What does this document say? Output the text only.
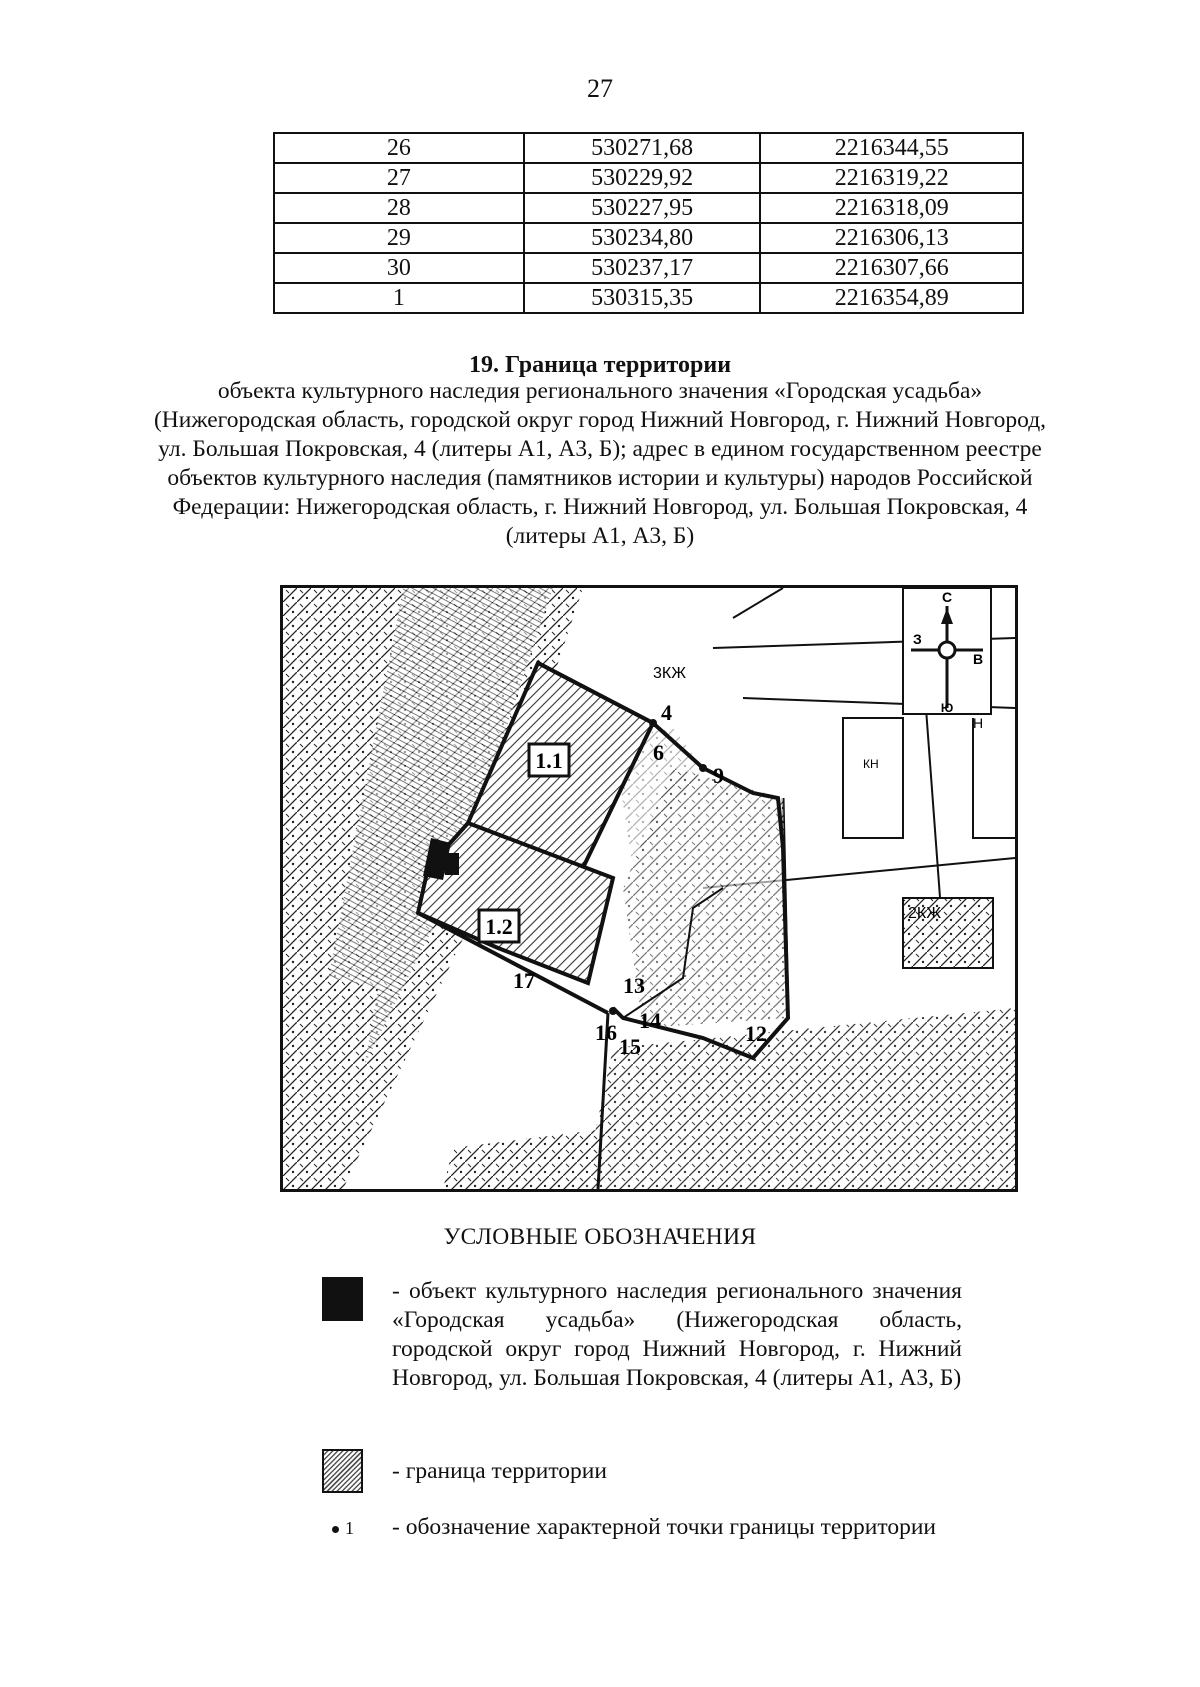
27
26	530271,68	2216344,55
27	530229,92	2216319,22
28	530227,95	2216318,09
29	530234,80	2216306,13
30	530237,17	2216307,66
1	530315,35	2216354,89
19. Граница территории
объекта культурного наследия регионального значения «Городская усадьба» (Нижегородская область, городской округ город Нижний Новгород, г. Нижний Новгород, ул. Большая Покровская, 4 (литеры А1, А3, Б); адрес в едином государственном реестре объектов культурного наследия (памятников истории и культуры) народов Российской Федерации: Нижегородская область, г. Нижний Новгород, ул. Большая Покровская, 4 (литеры А1, А3, Б)
1.1
1.2
4
6
9
13
14
15
16
17
12
3КЖ
2КЖ
КН
Н
С
З
В
Ю
УСЛОВНЫЕ ОБОЗНАЧЕНИЯ
- объект культурного наследия регионального значения «Городская усадьба» (Нижегородская область, городской округ город Нижний Новгород, г. Нижний Новгород, ул. Большая Покровская, 4 (литеры А1, А3, Б)
- граница территории
1 - обозначение характерной точки границы территории
